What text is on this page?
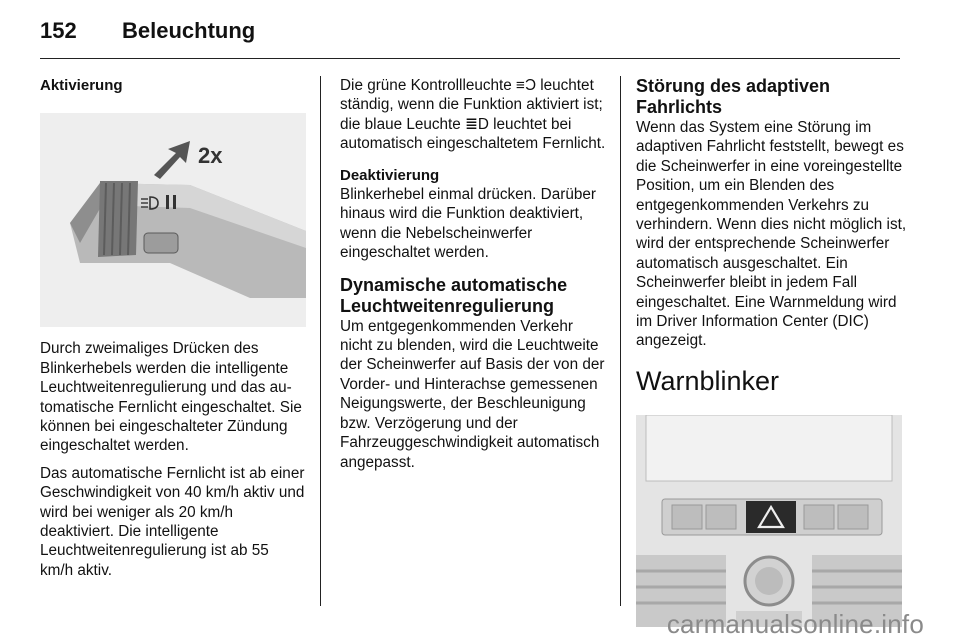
152	Beleuchtung
Aktivierung
2x

Durch zweimaliges Drücken des Blinkerhebels werden die intelligente Leuchtweitenregulierung und das automatische Fernlicht eingeschaltet. Sie können bei eingeschalteter Zündung eingeschaltet werden.

Das automatische Fernlicht ist ab einer Geschwindigkeit von 40 km/h aktiv und wird bei weniger als 20 km/h deaktiviert. Die intelligente Leuchtweitenregulierung ist ab 55 km/h aktiv.

Die grüne Kontrollleuchte ≡Ͻ leuchtet ständig, wenn die Funktion aktiviert ist; die blaue Leuchte ≣D leuchtet bei automatisch eingeschaltetem Fernlicht.

Deaktivierung

Blinkerhebel einmal drücken. Darüber hinaus wird die Funktion deaktiviert, wenn die Nebelscheinwerfer eingeschaltet werden.

Dynamische automatische Leuchtweitenregulierung

Um entgegenkommenden Verkehr nicht zu blenden, wird die Leuchtweite der Scheinwerfer auf Basis der von der Vorder- und Hinterachse gemessenen Neigungswerte, der Beschleunigung bzw. Verzögerung und der Fahrzeuggeschwindigkeit automatisch angepasst.

Störung des adaptiven Fahrlichts

Wenn das System eine Störung im adaptiven Fahrlicht feststellt, bewegt es die Scheinwerfer in eine voreingestellte Position, um ein Blenden des entgegenkommenden Verkehrs zu verhindern. Wenn dies nicht möglich ist, wird der entsprechende Scheinwerfer automatisch ausgeschaltet. Ein Scheinwerfer bleibt in jedem Fall eingeschaltet. Eine Warnmeldung wird im Driver Information Center (DIC) angezeigt.

Warnblinker
carmanualsonline.info
